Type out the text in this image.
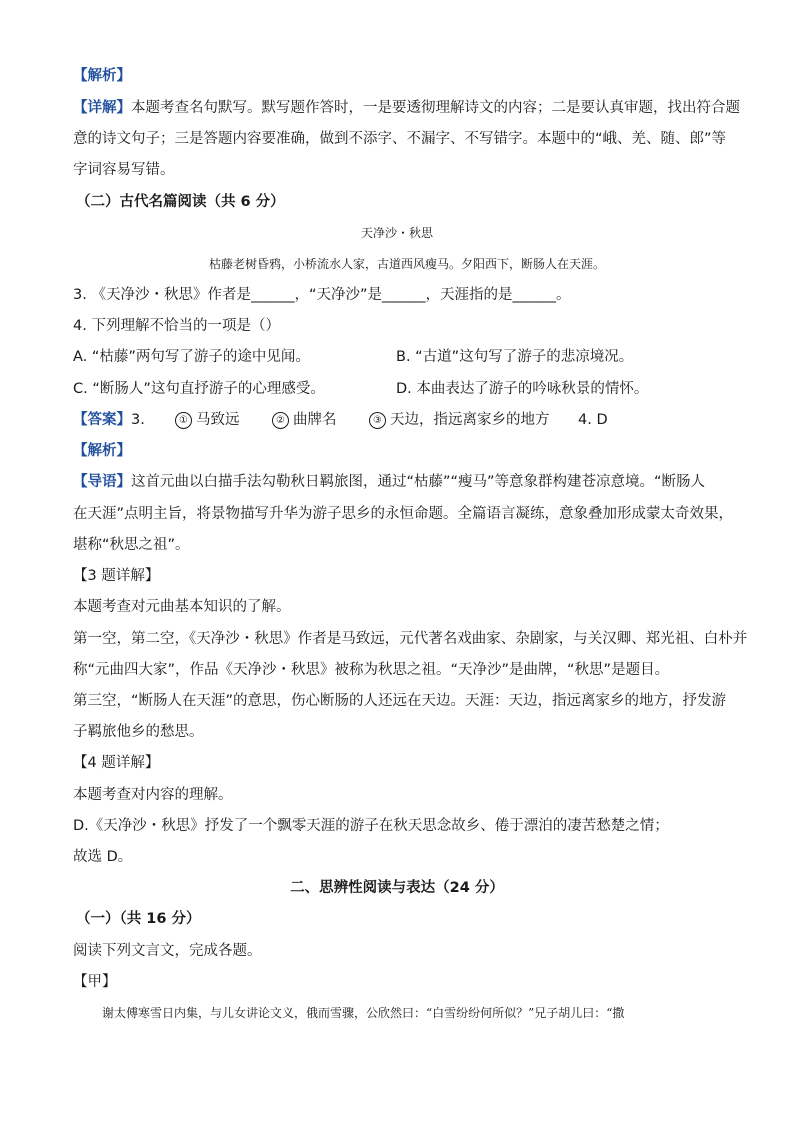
【解析】
【详解】本题考查名句默写。默写题作答时，一是要透彻理解诗文的内容；二是要认真审题，找出符合题
意的诗文句子；三是答题内容要准确，做到不添字、不漏字、不写错字。本题中的“峨、羌、随、郎”等
字词容易写错。
（二）古代名篇阅读（共 6 分）
天净沙・秋思
枯藤老树昏鸦，小桥流水人家，古道西风瘦马。夕阳西下，断肠人在天涯。
3. 《天净沙・秋思》作者是______，“天净沙”是______，天涯指的是______。
4. 下列理解不恰当的一项是（）
A. “枯藤”两句写了游子的途中见闻。	B. “古道”这句写了游子的悲凉境况。
C. “断肠人”这句直抒游子的心理感受。	D. 本曲表达了游子的吟咏秋景的情怀。
【答案】3.	① 马致远	② 曲牌名	③ 天边，指远离家乡的地方 4. D
【解析】
【导语】这首元曲以白描手法勾勒秋日羁旅图，通过“枯藤”“瘦马”等意象群构建苍凉意境。“断肠人
在天涯”点明主旨，将景物描写升华为游子思乡的永恒命题。全篇语言凝练，意象叠加形成蒙太奇效果，
堪称“秋思之祖”。
【3 题详解】
本题考查对元曲基本知识的了解。
第一空，第二空，《天净沙・秋思》作者是马致远，元代著名戏曲家、杂剧家，与关汉卿、郑光祖、白朴并
称“元曲四大家”，作品《天净沙・秋思》被称为秋思之祖。“天净沙”是曲牌，“秋思”是题目。
第三空，“断肠人在天涯”的意思，伤心断肠的人还远在天边。天涯：天边，指远离家乡的地方，抒发游
子羁旅他乡的愁思。
【4 题详解】
本题考查对内容的理解。
D.《天净沙・秋思》抒发了一个飘零天涯的游子在秋天思念故乡、倦于漂泊的凄苦愁楚之情；
故选 D。
二、思辨性阅读与表达（24 分）
（一）（共 16 分）
阅读下列文言文，完成各题。
【甲】
谢太傅寒雪日内集，与儿女讲论文义，俄而雪骤，公欣然曰：“白雪纷纷何所似？”兄子胡儿曰：“撒
